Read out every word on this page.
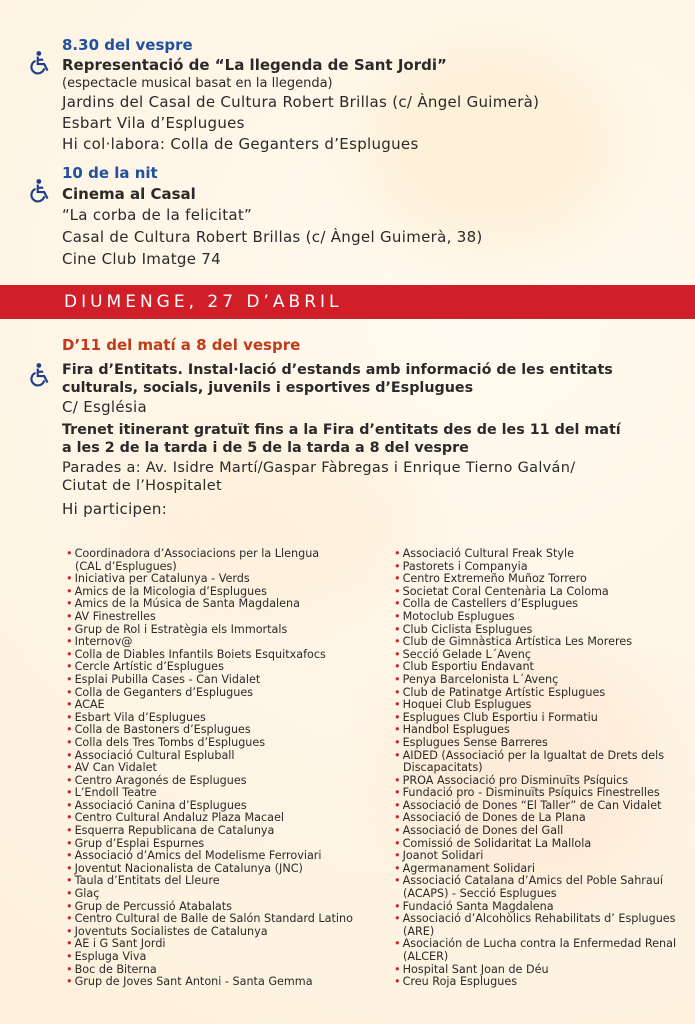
8.30 del vespre

Representació de “La llegenda de Sant Jordi”

(espectacle musical basat en la llegenda)

Jardins del Casal de Cultura Robert Brillas (c/ Àngel Guimerà)

Esbart Vila d’Esplugues

Hi col·labora: Colla de Geganters d’Esplugues

10 de la nit

Cinema al Casal

“La corba de la felicitat”

Casal de Cultura Robert Brillas (c/ Àngel Guimerà, 38)

Cine Club Imatge 74

DIUMENGE, 27 D’ABRIL

D’11 del matí a 8 del vespre

Fira d’Entitats. Instal·lació d’estands amb informació de les entitats

culturals, socials, juvenils i esportives d’Esplugues

C/ Església

Trenet itinerant gratuït fins a la Fira d’entitats des de les 11 del matí

a les 2 de la tarda i de 5 de la tarda a 8 del vespre

Parades a: Av. Isidre Martí/Gaspar Fàbregas i Enrique Tierno Galván/

Ciutat de l’Hospitalet

Hi participen:

• Coordinadora d’Associacions per la Llengua

(CAL d’Esplugues)

• Iniciativa per Catalunya - Verds

• Amics de la Micologia d’Esplugues

• Amics de la Música de Santa Magdalena

• AV Finestrelles

• Grup de Rol i Estratègia els Immortals

• Internov@

• Colla de Diables Infantils Boiets Esquitxafocs

• Cercle Artístic d’Esplugues

• Esplai Pubilla Cases - Can Vidalet

• Colla de Geganters d’Esplugues

• ACAE

• Esbart Vila d’Esplugues

• Colla de Bastoners d’Esplugues

• Colla dels Tres Tombs d’Esplugues

• Associació Cultural Espluball

• AV Can Vidalet

• Centro Aragonés de Esplugues

• L’Endoll Teatre

• Associació Canina d’Esplugues

• Centro Cultural Andaluz Plaza Macael

• Esquerra Republicana de Catalunya

• Grup d’Esplai Espurnes

• Associació d’Amics del Modelisme Ferroviari

• Joventut Nacionalista de Catalunya (JNC)

• Taula d’Entitats del Lleure

• Glaç

• Grup de Percussió Atabalats

• Centro Cultural de Balle de Salón Standard Latino

• Joventuts Socialistes de Catalunya

• AE i G Sant Jordi

• Espluga Viva

• Boc de Biterna

• Grup de Joves Sant Antoni - Santa Gemma

• Associació Cultural Freak Style

• Pastorets i Companyia

• Centro Extremeño Muñoz Torrero

• Societat Coral Centenària La Coloma

• Colla de Castellers d’Esplugues

• Motoclub Esplugues

• Club Ciclista Esplugues

• Club de Gimnàstica Artística Les Moreres

• Secció Gelade L´Avenç

• Club Esportiu Endavant

• Penya Barcelonista L´Avenç

• Club de Patinatge Artístic Esplugues

• Hoquei Club Esplugues

• Esplugues Club Esportiu i Formatiu

• Handbol Esplugues

• Esplugues Sense Barreres

• AIDED (Associació per la Igualtat de Drets dels

Discapacitats)

• PROA Associació pro Disminuïts Psíquics

• Fundació pro - Disminuïts Psíquics Finestrelles

• Associació de Dones “El Taller” de Can Vidalet

• Associació de Dones de La Plana

• Associació de Dones del Gall

• Comissió de Solidaritat La Mallola

• Joanot Solidari

• Agermanament Solidari

• Associació Catalana d’Amics del Poble Sahrauí

(ACAPS) - Secció Esplugues

• Fundació Santa Magdalena

• Associació d’Alcohòlics Rehabilitats d’ Esplugues

(ARE)

• Asociación de Lucha contra la Enfermedad Renal

(ALCER)

• Hospital Sant Joan de Déu

• Creu Roja Esplugues
